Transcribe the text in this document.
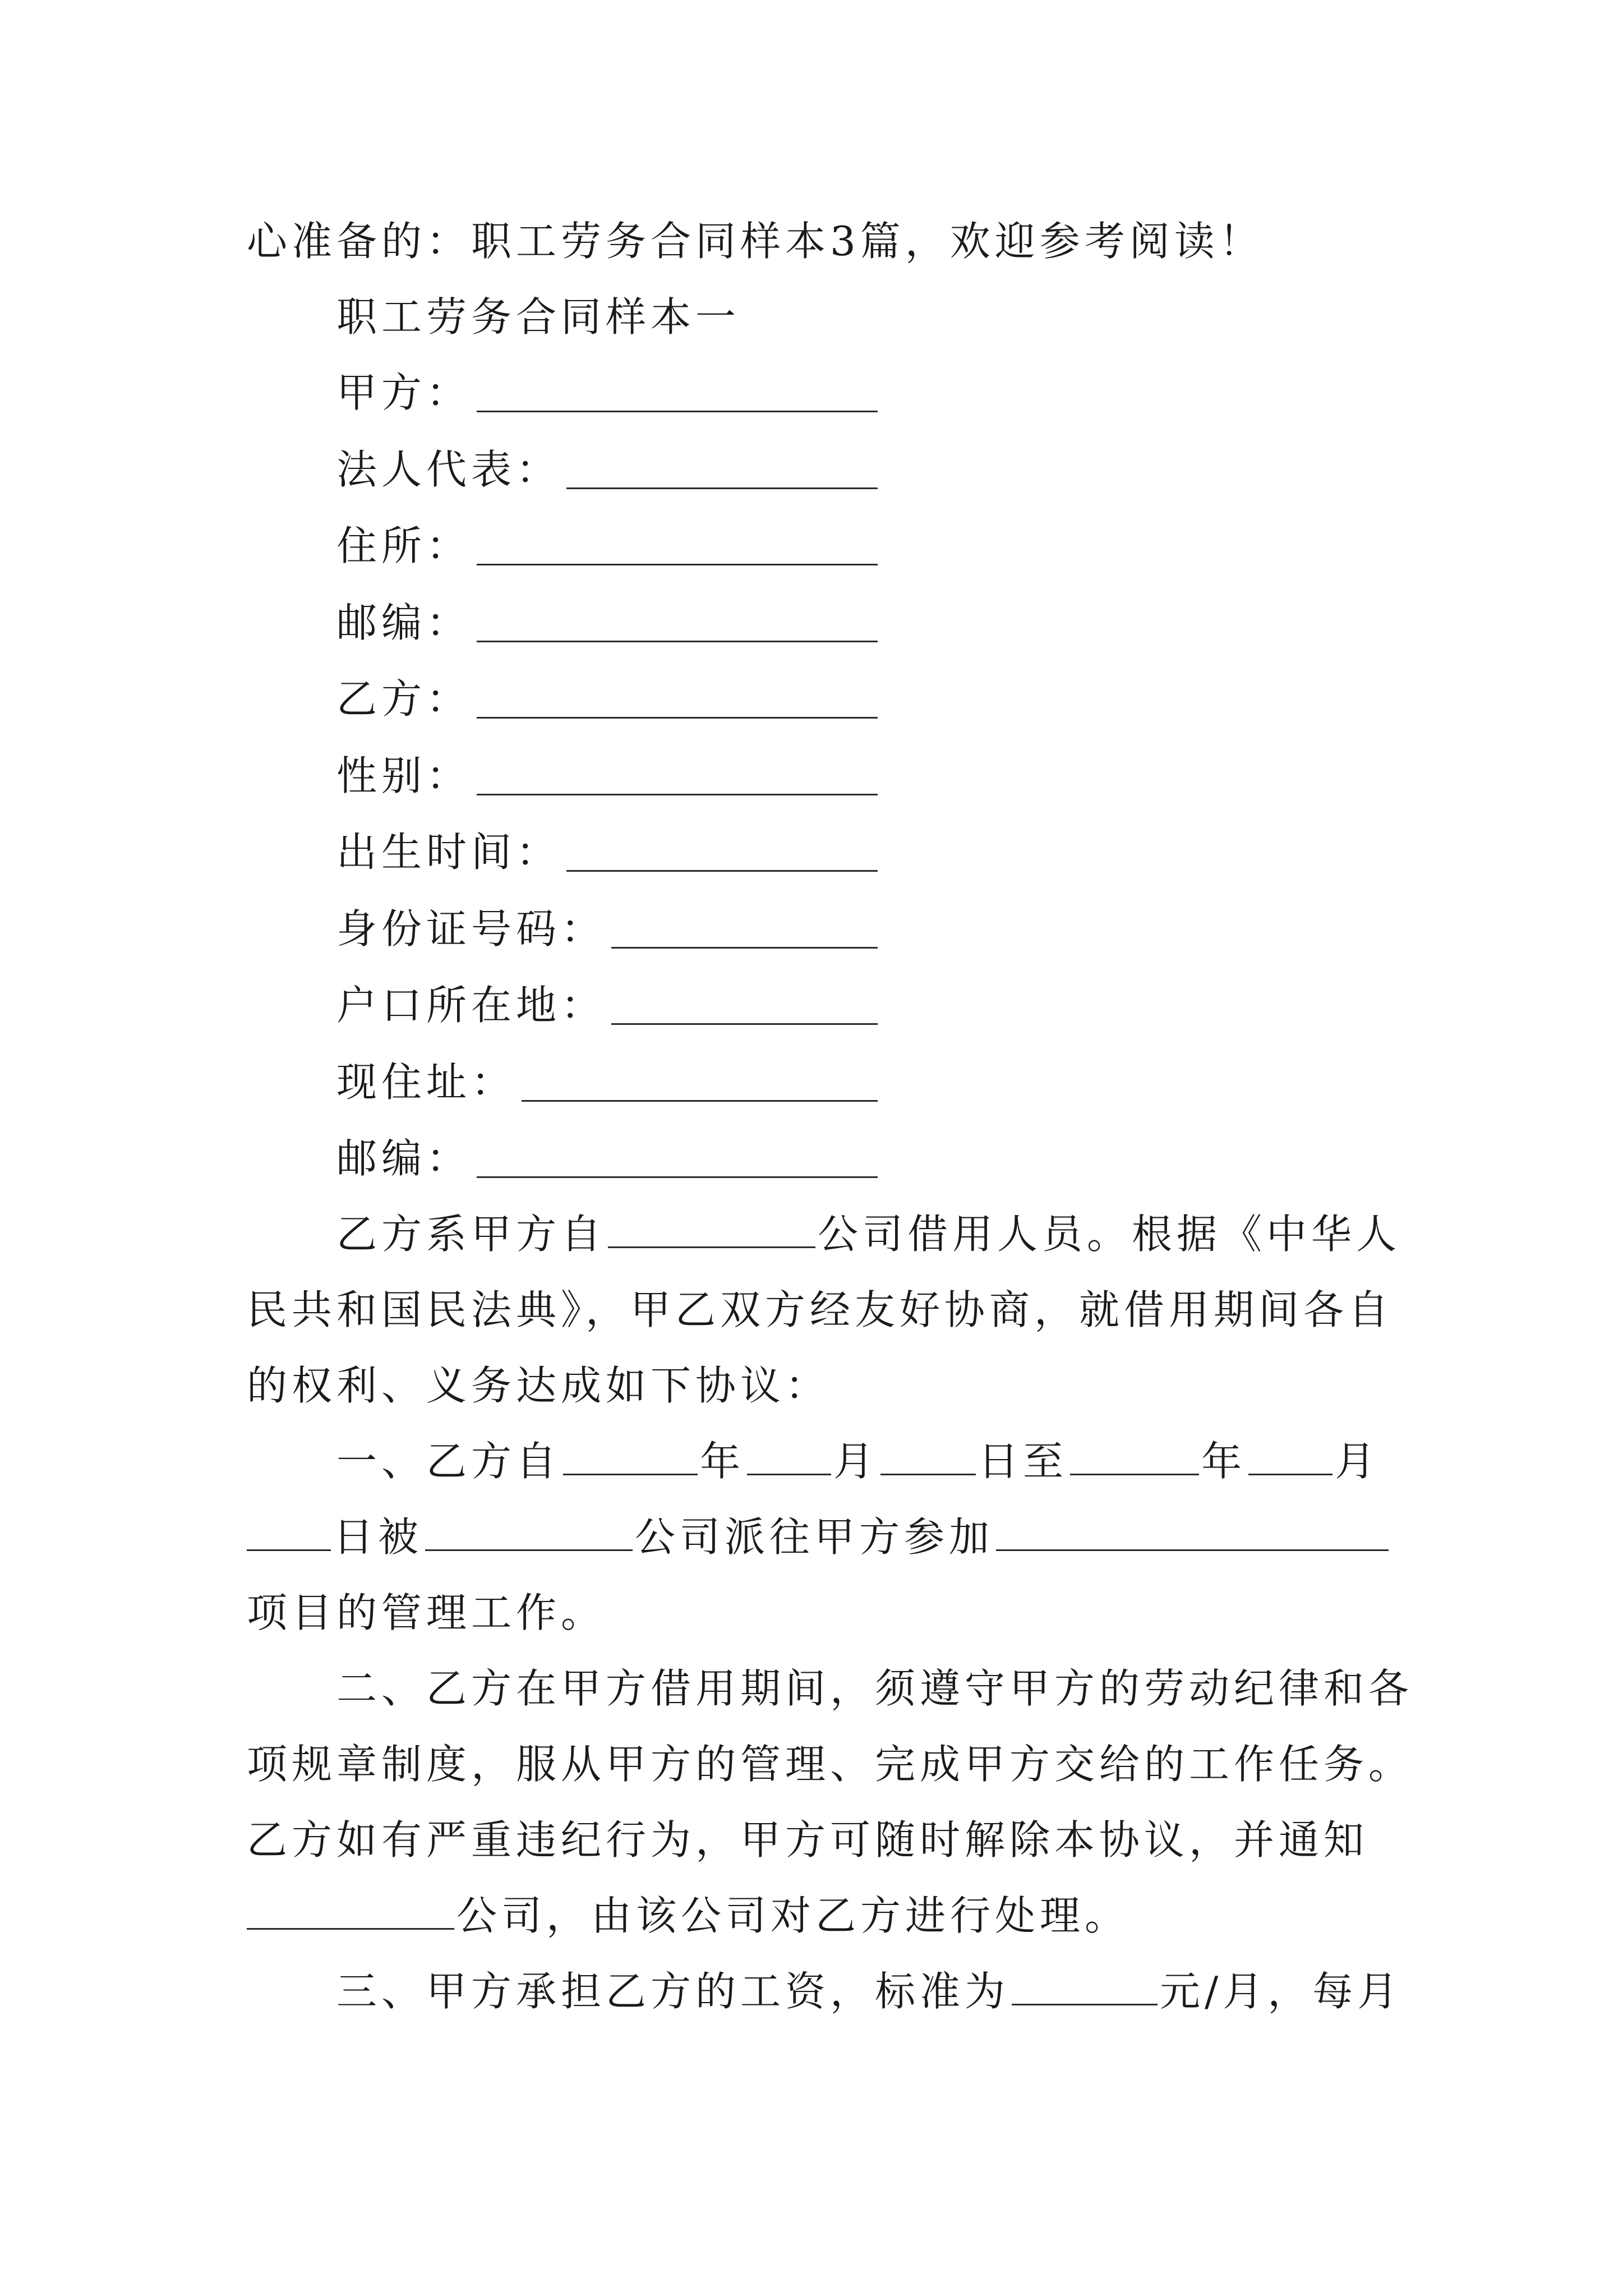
心准备的：职工劳务合同样本3篇，欢迎参考阅读！
职工劳务合同样本一
甲方：
法人代表：
住所：
邮编：
乙方：
性别：
出生时间：
身份证号码：
户口所在地：
现住址：
邮编：
乙方系甲方自	公司借用人员。根据《中华人
民共和国民法典》，甲乙双方经友好协商，就借用期间各自
的权利、义务达成如下协议：
一、乙方自	年 月 日至	年 月
日被	公司派往甲方参加
项目的管理工作。
二、乙方在甲方借用期间，须遵守甲方的劳动纪律和各
项规章制度，服从甲方的管理、完成甲方交给的工作任务。
乙方如有严重违纪行为，甲方可随时解除本协议，并通知
公司，由该公司对乙方进行处理。
三、甲方承担乙方的工资，标准为	元/月，每月
